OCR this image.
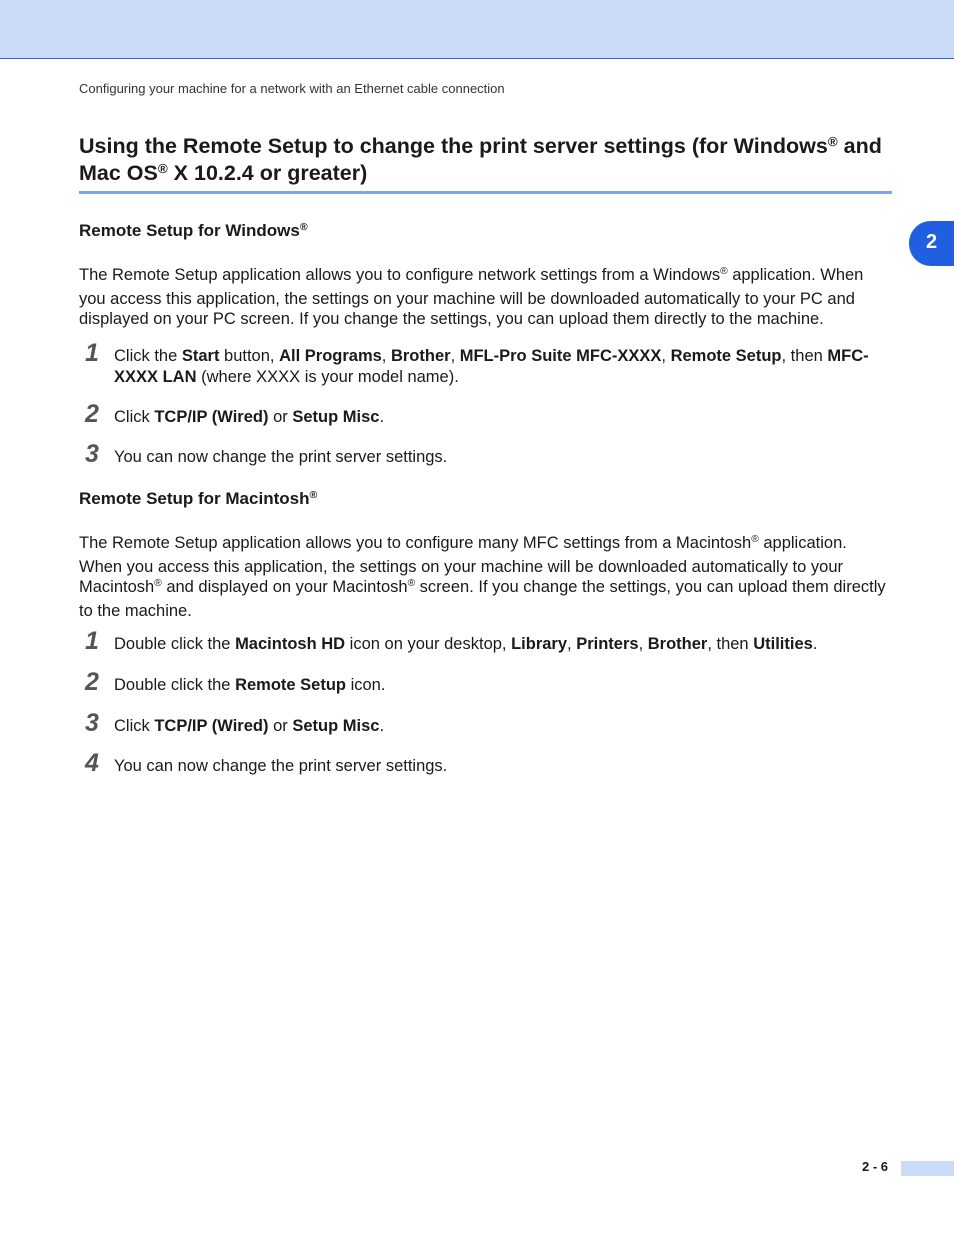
Configuring your machine for a network with an Ethernet cable connection
Using the Remote Setup to change the print server settings (for Windows® and
Mac OS® X 10.2.4 or greater)
2
Remote Setup for Windows®

The Remote Setup application allows you to configure network settings from a Windows® application. When you access this application, the settings on your machine will be downloaded automatically to your PC and displayed on your PC screen. If you change the settings, you can upload them directly to the machine.

1 Click the Start button, All Programs, Brother, MFL-Pro Suite MFC-XXXX, Remote Setup, then MFC-XXXX LAN (where XXXX is your model name).
2 Click TCP/IP (Wired) or Setup Misc.
3 You can now change the print server settings.
Remote Setup for Macintosh®

The Remote Setup application allows you to configure many MFC settings from a Macintosh® application. When you access this application, the settings on your machine will be downloaded automatically to your Macintosh® and displayed on your Macintosh® screen. If you change the settings, you can upload them directly to the machine.

1 Double click the Macintosh HD icon on your desktop, Library, Printers, Brother, then Utilities.
2 Double click the Remote Setup icon.
3 Click TCP/IP (Wired) or Setup Misc.
4 You can now change the print server settings.
2 - 6
